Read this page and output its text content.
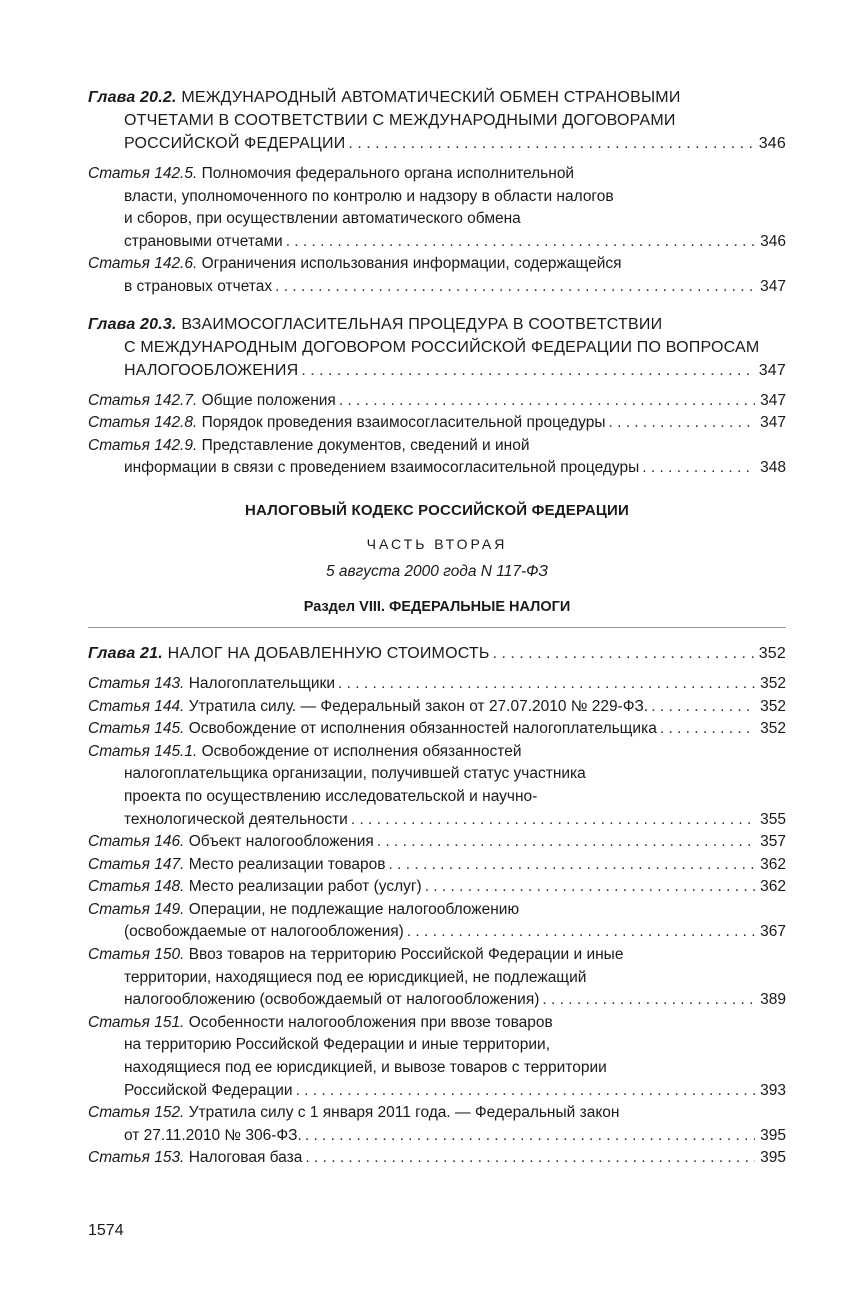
Глава 20.2. МЕЖДУНАРОДНЫЙ АВТОМАТИЧЕСКИЙ ОБМЕН СТРАНОВЫМИ
ОТЧЕТАМИ В СООТВЕТСТВИИ С МЕЖДУНАРОДНЫМИ ДОГОВОРАМИ
РОССИЙСКОЙ ФЕДЕРАЦИИ . . .	346
Статья 142.5. Полномочия федерального органа исполнительной
власти, уполномоченного по контролю и надзору в области налогов
и сборов, при осуществлении автоматического обмена
страновыми отчетами . . .	346
Статья 142.6. Ограничения использования информации, содержащейся
в страновых отчетах . . .	347
Глава 20.3. ВЗАИМОСОГЛАСИТЕЛЬНАЯ ПРОЦЕДУРА В СООТВЕТСТВИИ
С МЕЖДУНАРОДНЫМ ДОГОВОРОМ РОССИЙСКОЙ ФЕДЕРАЦИИ ПО ВОПРОСАМ
НАЛОГООБЛОЖЕНИЯ . . .	347
Статья 142.7. Общие положения . . .	347
Статья 142.8. Порядок проведения взаимосогласительной процедуры . . .	347
Статья 142.9. Представление документов, сведений и иной
информации в связи с проведением взаимосогласительной процедуры . . .	348
НАЛОГОВЫЙ КОДЕКС РОССИЙСКОЙ ФЕДЕРАЦИИ
ЧАСТЬ ВТОРАЯ
5 августа 2000 года N 117-ФЗ
Раздел VIII. ФЕДЕРАЛЬНЫЕ НАЛОГИ
Глава 21. НАЛОГ НА ДОБАВЛЕННУЮ СТОИМОСТЬ . . .	352
Статья 143. Налогоплательщики . . .	352
Статья 144. Утратила силу. — Федеральный закон от 27.07.2010 № 229-ФЗ. . . .	352
Статья 145. Освобождение от исполнения обязанностей налогоплательщика . . .	352
Статья 145.1. Освобождение от исполнения обязанностей
налогоплательщика организации, получившей статус участника
проекта по осуществлению исследовательской и научно-
технологической деятельности . . .	355
Статья 146. Объект налогообложения . . .	357
Статья 147. Место реализации товаров . . .	362
Статья 148. Место реализации работ (услуг) . . .	362
Статья 149. Операции, не подлежащие налогообложению
(освобождаемые от налогообложения) . . .	367
Статья 150. Ввоз товаров на территорию Российской Федерации и иные
территории, находящиеся под ее юрисдикцией, не подлежащий
налогообложению (освобождаемый от налогообложения) . . .	389
Статья 151. Особенности налогообложения при ввозе товаров
на территорию Российской Федерации и иные территории,
находящиеся под ее юрисдикцией, и вывозе товаров с территории
Российской Федерации . . .	393
Статья 152. Утратила силу с 1 января 2011 года. — Федеральный закон
от 27.11.2010 № 306-ФЗ. . . .	395
Статья 153. Налоговая база . . .	395
1574
